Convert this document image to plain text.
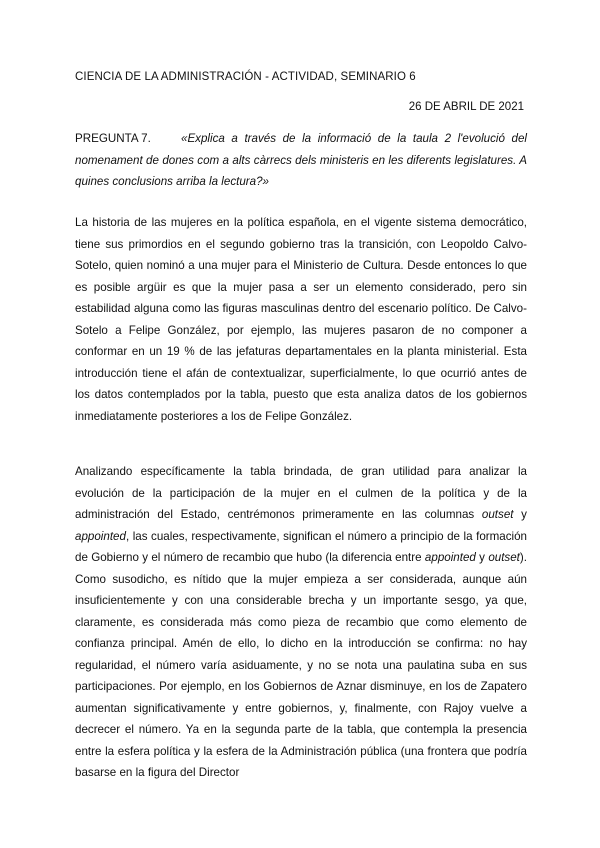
CIENCIA DE LA ADMINISTRACIÓN - ACTIVIDAD, SEMINARIO 6
26 DE ABRIL DE 2021
PREGUNTA 7.	«Explica a través de la informació de la taula 2 l'evolució del nomenament de dones com a alts càrrecs dels ministeris en les diferents legislatures. A quines conclusions arriba la lectura?»

La historia de las mujeres en la política española, en el vigente sistema democrático, tiene sus primordios en el segundo gobierno tras la transición, con Leopoldo Calvo-Sotelo, quien nominó a una mujer para el Ministerio de Cultura. Desde entonces lo que es posible argüir es que la mujer pasa a ser un elemento considerado, pero sin estabilidad alguna como las figuras masculinas dentro del escenario político. De Calvo-Sotelo a Felipe González, por ejemplo, las mujeres pasaron de no componer a conformar en un 19 % de las jefaturas departamentales en la planta ministerial. Esta introducción tiene el afán de contextualizar, superficialmente, lo que ocurrió antes de los datos contemplados por la tabla, puesto que esta analiza datos de los gobiernos inmediatamente posteriores a los de Felipe González.

Analizando específicamente la tabla brindada, de gran utilidad para analizar la evolución de la participación de la mujer en el culmen de la política y de la administración del Estado, centrémonos primeramente en las columnas outset y appointed, las cuales, respectivamente, significan el número a principio de la formación de Gobierno y el número de recambio que hubo (la diferencia entre appointed y outset). Como susodicho, es nítido que la mujer empieza a ser considerada, aunque aún insuficientemente y con una considerable brecha y un importante sesgo, ya que, claramente, es considerada más como pieza de recambio que como elemento de confianza principal. Amén de ello, lo dicho en la introducción se confirma: no hay regularidad, el número varía asiduamente, y no se nota una paulatina suba en sus participaciones. Por ejemplo, en los Gobiernos de Aznar disminuye, en los de Zapatero aumentan significativamente y entre gobiernos, y, finalmente, con Rajoy vuelve a decrecer el número. Ya en la segunda parte de la tabla, que contempla la presencia entre la esfera política y la esfera de la Administración pública (una frontera que podría basarse en la figura del Director
